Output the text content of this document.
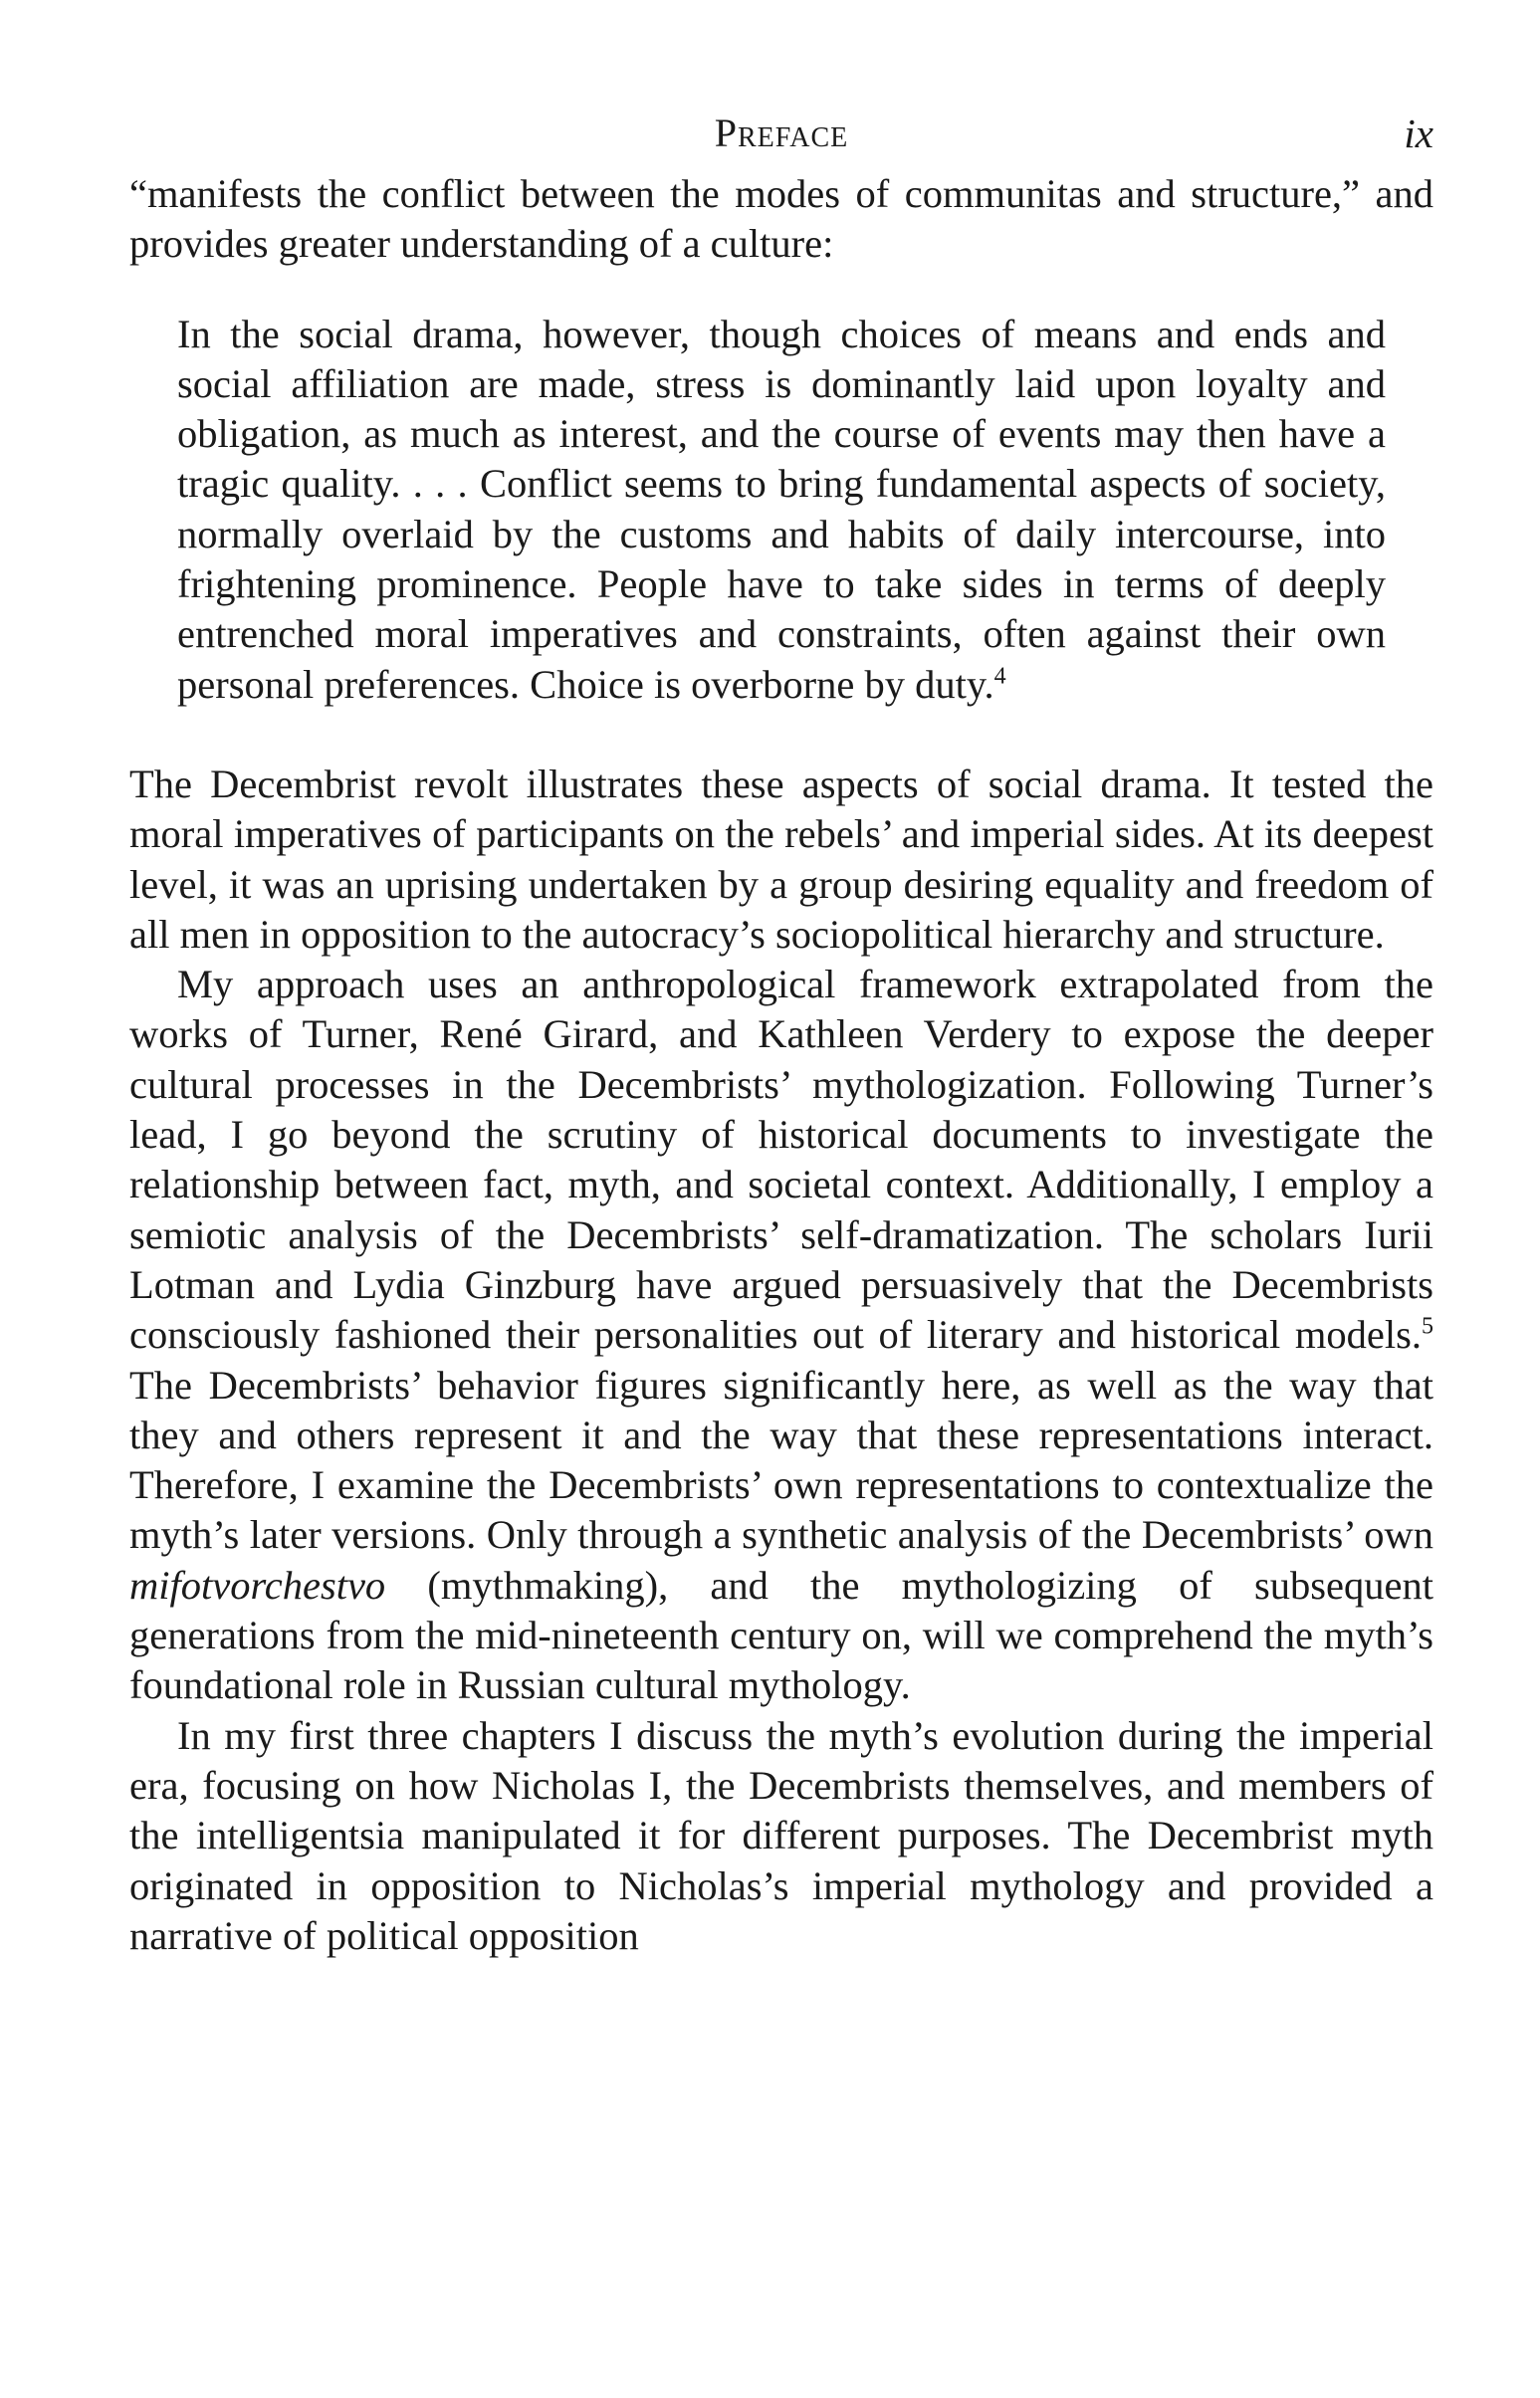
Preface	ix

“manifests the conflict between the modes of communitas and structure,” and provides greater understanding of a culture:

In the social drama, however, though choices of means and ends and social affiliation are made, stress is dominantly laid upon loyalty and obligation, as much as interest, and the course of events may then have a tragic quality. . . . Conflict seems to bring fundamental aspects of society, normally overlaid by the customs and habits of daily intercourse, into frightening prominence. People have to take sides in terms of deeply entrenched moral imperatives and constraints, often against their own personal preferences. Choice is overborne by duty.$^4$

The Decembrist revolt illustrates these aspects of social drama. It tested the moral imperatives of participants on the rebels’ and imperial sides. At its deepest level, it was an uprising undertaken by a group desiring equality and freedom of all men in opposition to the autocracy’s sociopolitical hierarchy and structure.

My approach uses an anthropological framework extrapolated from the works of Turner, René Girard, and Kathleen Verdery to expose the deeper cultural processes in the Decembrists’ mythologization. Following Turner’s lead, I go beyond the scrutiny of historical documents to investigate the relationship between fact, myth, and societal context. Additionally, I employ a semiotic analysis of the Decembrists’ self-dramatization. The scholars Iurii Lotman and Lydia Ginzburg have argued persuasively that the Decembrists consciously fashioned their personalities out of literary and historical models.$^5$ The Decembrists’ behavior figures significantly here, as well as the way that they and others represent it and the way that these representations interact. Therefore, I examine the Decembrists’ own representations to contextualize the myth’s later versions. Only through a synthetic analysis of the Decembrists’ own mifotvorchestvo (mythmaking), and the mythologizing of subsequent generations from the mid-nineteenth century on, will we comprehend the myth’s foundational role in Russian cultural mythology.

In my first three chapters I discuss the myth’s evolution during the imperial era, focusing on how Nicholas I, the Decembrists themselves, and members of the intelligentsia manipulated it for different purposes. The Decembrist myth originated in opposition to Nicholas’s imperial mythology and provided a narrative of political opposition
